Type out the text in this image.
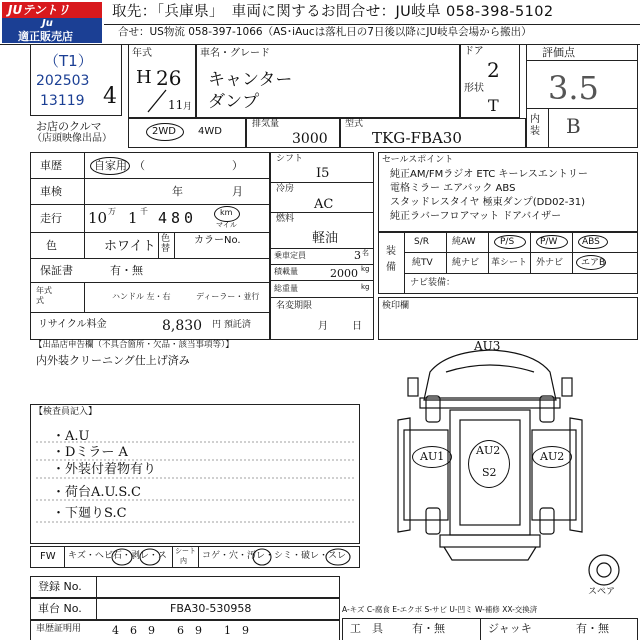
JUテントリ
Ju
適正販売店
取先：「兵庫県」　車両に関するお問合せ：JU岐阜 058-398-5102
合せ：US物流 058-397-1066（AS･iAucは落札日の7日後以降にJU岐阜会場から搬出）
（T1）
202503
13119 4
お店のクルマ
（店頭映像出品）
年式
H 26
11 月
車名・グレード
キャンター
ダンプ
ドア
2
形状
T
評価点
3.5
内装 B
2WD 4WD
排気量
3000
型式
TKG-FBA30
車歴	自家用 （	）
車検	年	月
走行 10 万 1 千 480	km
マイル
色	ホワイト 色替
カラーNo.
保証書	有・無
年式
式	ハンドル 左・右	ディーラー・並行
リサイクル料金	8,830 円 預託済
シフト
I5
冷房
AC
燃料
軽油
乗車定員	3 名
積載量	2000 kg
総重量	kg
名変期限
月 日
セールスポイント
純正AM/FMラジオ ETC キーレスエントリー
電格ミラー エアバック ABS
スタッドレスタイヤ 極東ダンプ(DD02-31)
純正ラバーフロアマット ドアバイザー
装備
S/R	純AW	P/S	P/W	ABS
純TV 純ナビ 革シート 外ナビ エアB
ナビ装備：
検印欄
【出品店申告欄（不具合箇所・欠品・該当事項等）】
内外装クリーニング仕上げ済み
【検査員記入】
・A.U
・Dミラー A
・外装付着物有り
・荷台A.U.S.C
・下廻りS.C
AU3
AU1	AU2
S2
AU2
スペア
FW キズ・ヘビ石・剥レ・ス シート
内 コゲ・穴・汚レ・シミ・破レ・スレ
登録 No.
車台 No.	FBA30-530958
車歴証明用	4　6　9　　6　9　　1　9
A-キズ C-腐食 E-エクボ S-サビ U-凹ミ W-補修 XX-交換済
工　具	有・無	ジャッキ	有・無
